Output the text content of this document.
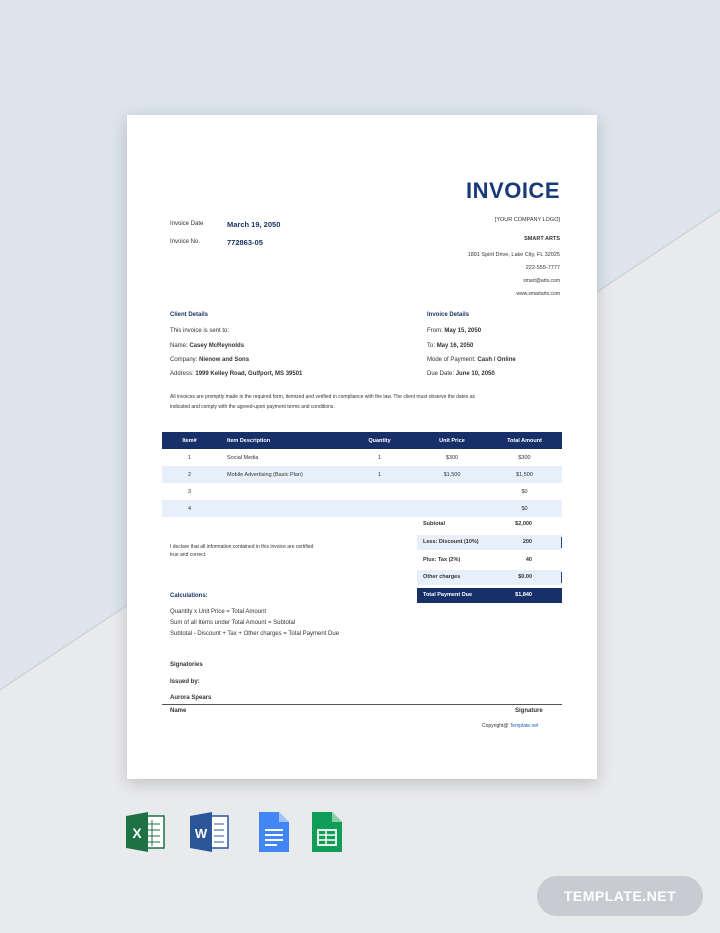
INVOICE
Invoice Date	March 19, 2050
Invoice No.	772863-05
[YOUR COMPANY LOGO]
SMART ARTS
1891 Spirit Drive, Lake City, FL 32025
222-555-7777
smart@arts.com
www.smartarts.com
Client Details
This invoice is sent to:
Name: Casey McReynolds
Company: Nienow and Sons
Address: 1999 Kelley Road, Gulfport, MS 39501
Invoice Details
From: May 15, 2050
To: May 16, 2050
Mode of Payment: Cash / Online
Due Date: June 10, 2050
All invoices are promptly made in the required form, itemized and verified in compliance with the law. The client must observe the dates as
indicated and comply with the agreed-upon payment terms and conditions.
Item#	Item Description	Quantity	Unit Price	Total Amount
1	Social Media	1	$300	$300
2	Mobile Advertising (Basic Plan)	1	$1,500	$1,500
3				$0
4				$0
Subtotal	$2,000
Less: Discount (10%)	200
Plus: Tax (2%)	40
Other charges	$0.00
Total Payment Due	$1,840
I declare that all information contained in this invoice are certified
true and correct.
Calculations:
Quantity x Unit Price = Total Amount
Sum of all Items under Total Amount = Subtotal
Subtotal - Discount + Tax + Other charges = Total Payment Due
Signatories
Issued by:
Aurora Spears
Name	Signature
Copyright@ Template.net
X	W
TEMPLATE.NET
